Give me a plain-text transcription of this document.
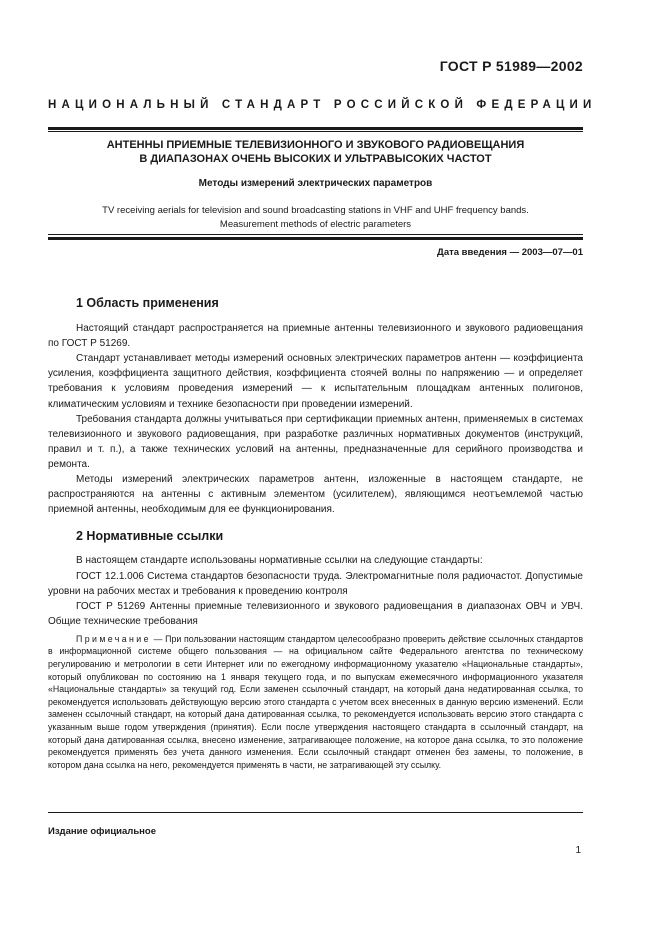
ГОСТ Р 51989—2002
НАЦИОНАЛЬНЫЙ СТАНДАРТ РОССИЙСКОЙ ФЕДЕРАЦИИ
АНТЕННЫ ПРИЕМНЫЕ ТЕЛЕВИЗИОННОГО И ЗВУКОВОГО РАДИОВЕЩАНИЯ
В ДИАПАЗОНАХ ОЧЕНЬ ВЫСОКИХ И УЛЬТРАВЫСОКИХ ЧАСТОТ
Методы измерений электрических параметров
TV receiving aerials for television and sound broadcasting stations in VHF and UHF frequency bands.
Measurement methods of electric parameters
Дата введения — 2003—07—01
1 Область применения

Настоящий стандарт распространяется на приемные антенны телевизионного и звукового радиовещания по ГОСТ Р 51269.

Стандарт устанавливает методы измерений основных электрических параметров антенн — коэффициента усиления, коэффициента защитного действия, коэффициента стоячей волны по напряжению — и определяет требования к условиям проведения измерений — к испытательным площадкам антенных полигонов, климатическим условиям и технике безопасности при проведении измерений.

Требования стандарта должны учитываться при сертификации приемных антенн, применяемых в системах телевизионного и звукового радиовещания, при разработке различных нормативных документов (инструкций, правил и т. п.), а также технических условий на антенны, предназначенные для серийного производства и ремонта.

Методы измерений электрических параметров антенн, изложенные в настоящем стандарте, не распространяются на антенны с активным элементом (усилителем), являющимся неотъемлемой частью приемной антенны, необходимым для ее функционирования.

2 Нормативные ссылки

В настоящем стандарте использованы нормативные ссылки на следующие стандарты:

ГОСТ 12.1.006 Система стандартов безопасности труда. Электромагнитные поля радиочастот. Допустимые уровни на рабочих местах и требования к проведению контроля

ГОСТ Р 51269 Антенны приемные телевизионного и звукового радиовещания в диапазонах ОВЧ и УВЧ. Общие технические требования

Примечание — При пользовании настоящим стандартом целесообразно проверить действие ссылочных стандартов в информационной системе общего пользования — на официальном сайте Федерального агентства по техническому регулированию и метрологии в сети Интернет или по ежегодному информационному указателю «Национальные стандарты», который опубликован по состоянию на 1 января текущего года, и по выпускам ежемесячного информационного указателя «Национальные стандарты» за текущий год. Если заменен ссылочный стандарт, на который дана недатированная ссылка, то рекомендуется использовать действующую версию этого стандарта с учетом всех внесенных в данную версию изменений. Если заменен ссылочный стандарт, на который дана датированная ссылка, то рекомендуется использовать версию этого стандарта с указанным выше годом утверждения (принятия). Если после утверждения настоящего стандарта в ссылочный стандарт, на который дана датированная ссылка, внесено изменение, затрагивающее положение, на которое дана ссылка, то это положение рекомендуется применять без учета данного изменения. Если ссылочный стандарт отменен без замены, то положение, в котором дана ссылка на него, рекомендуется применять в части, не затрагивающей эту ссылку.
Издание официальное
1
